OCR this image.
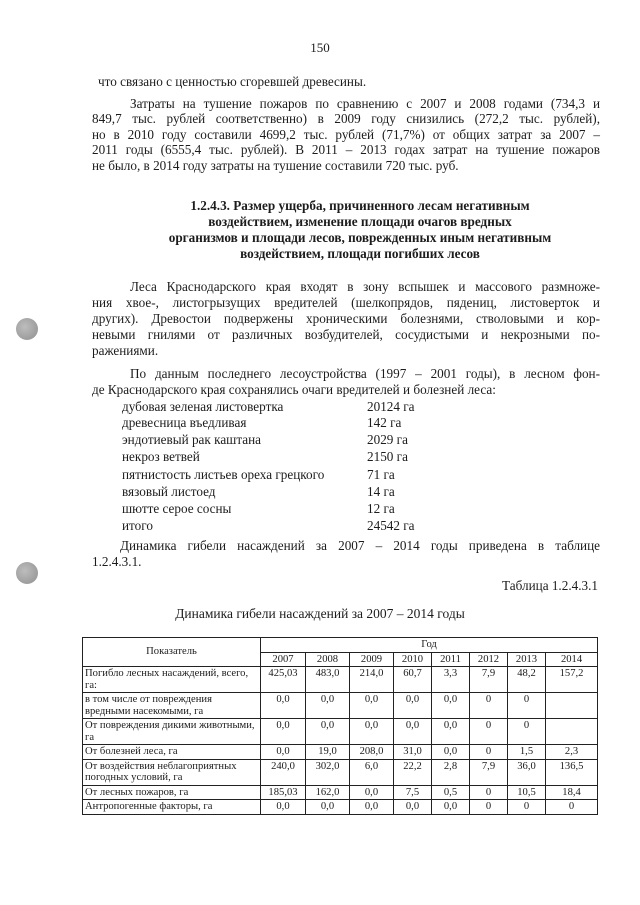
150
что связано с ценностью сгоревшей древесины.
Затраты на тушение пожаров по сравнению с 2007 и 2008 годами (734,3 и
849,7 тыс. рублей соответственно) в 2009 году снизились (272,2 тыс. рублей),
но в 2010 году составили 4699,2 тыс. рублей (71,7%) от общих затрат за 2007 –
2011 годы (6555,4 тыс. рублей). В 2011 – 2013 годах затрат на тушение пожаров
не было, в 2014 году затраты на тушение составили 720 тыс. руб.
1.2.4.3. Размер ущерба, причиненного лесам негативным
воздействием, изменение площади очагов вредных
организмов и площади лесов, поврежденных иным негативным
воздействием, площади погибших лесов
Леса Краснодарского края входят в зону вспышек и массового размноже-
ния хвое-, листогрызущих вредителей (шелкопрядов, пядениц, листоверток и
других). Древостои подвержены хроническими болезнями, стволовыми и кор-
невыми гнилями от различных возбудителей, сосудистыми и некрозными по-
ражениями.
По данным последнего лесоустройства (1997 – 2001 годы), в лесном фон-
де Краснодарского края сохранялись очаги вредителей и болезней леса:
дубовая зеленая листовертка	20124 га
древесница въедливая	142 га
эндотиевый рак каштана	2029 га
некроз ветвей	2150 га
пятнистость листьев ореха грецкого	71 га
вязовый листоед	14 га
шютте серое сосны	12 га
итого	24542 га
Динамика гибели насаждений за 2007 – 2014 годы приведена в таблице
1.2.4.3.1.
Таблица 1.2.4.3.1
Динамика гибели насаждений за 2007 – 2014 годы
Показатель	Год							
	2007	2008	2009	2010	2011	2012	2013	2014
Погибло лесных насаждений, всего, га:	425,03	483,0	214,0	60,7	3,3	7,9	48,2	157,2
в том числе от повреждения вредными насекомыми, га	0,0	0,0	0,0	0,0	0,0	0	0	
От повреждения дикими животными, га	0,0	0,0	0,0	0,0	0,0	0	0	
От болезней леса, га	0,0	19,0	208,0	31,0	0,0	0	1,5	2,3
От воздействия неблагоприятных погодных условий, га	240,0	302,0	6,0	22,2	2,8	7,9	36,0	136,5
От лесных пожаров, га	185,03	162,0	0,0	7,5	0,5	0	10,5	18,4
Антропогенные факторы, га	0,0	0,0	0,0	0,0	0,0	0	0	0
